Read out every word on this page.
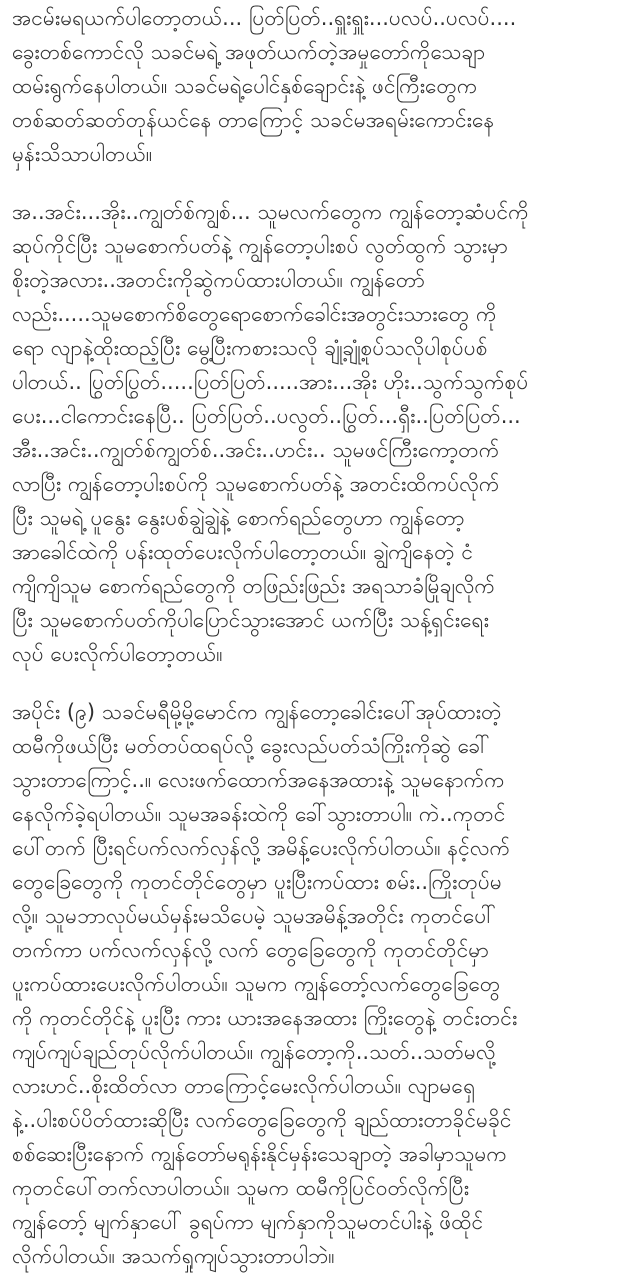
အငမ်းမရယက်ပါတော့တယ်... ပြတ်ပြတ်..ရှူးရှူး...ပလပ်..ပလပ်....
ခွေးတစ်ကောင်လို သခင်မရဲ့ အဖုတ်ယက်တဲ့အမှုတော်ကိုသေချာ
ထမ်းရွက်နေပါတယ်။ သခင်မရဲ့ပေါင်နှစ်ချောင်းနဲ့ ဖင်ကြီးတွေက
တစ်ဆတ်ဆတ်တုန်ယင်နေ တာကြောင့် သခင်မအရမ်းကောင်းနေ
မှန်းသိသာပါတယ်။
အ..အင်း...အိုး..ကျွတ်စ်ကျွစ်... သူမလက်တွေက ကျွန်တော့ဆံပင်ကို
ဆုပ်ကိုင်ပြီး သူမစောက်ပတ်နဲ့ ကျွန်တော့ပါးစပ် လွတ်ထွက် သွားမှာ
စိုးတဲ့အလား..အတင်းကိုဆွဲကပ်ထားပါတယ်။ ကျွန်တော်
လည်း.....သူမစောက်စိတွေရောစောက်ခေါင်းအတွင်းသားတွေ ကို
ရော လျာနဲ့ထိုးထည့်ပြီး မွေ့ပြီးကစားသလို ချုံ့ချုံ့စုပ်သလိုပါစုပ်ပစ်
ပါတယ်.. ပြွတ်ပြွတ်.....ပြတ်ပြတ်.....အား...အိုး ဟိုး..သွက်သွက်စုပ်
ပေး...ငါကောင်းနေပြီ.. ပြတ်ပြတ်..ပလွတ်..ပြွတ်...ရှီး..ပြတ်ပြတ်...
အီး..အင်း..ကျွတ်စ်ကျွတ်စ်..အင်း..ဟင်း.. သူမဖင်ကြီးကော့တက်
လာပြီး ကျွန်တော့ပါးစပ်ကို သူမစောက်ပတ်နဲ့ အတင်းထိကပ်လိုက်
ပြီး သူမရဲ့ ပူနွေး နွေးပစ်ချွဲချွဲနဲ့ စောက်ရည်တွေဟာ ကျွန်တော့
အာခေါင်ထဲကို ပန်းထုတ်ပေးလိုက်ပါတော့တယ်။ ချွဲကျိနေတဲ့ ငံ
ကျိကျိသူမ စောက်ရည်တွေကို တဖြည်းဖြည်း အရသာခံမြိုချလိုက်
ပြီး သူမစောက်ပတ်ကိုပါပြောင်သွားအောင် ယက်ပြီး သန့်ရှင်းရေး
လုပ် ပေးလိုက်ပါတော့တယ်။
အပိုင်း (၉) သခင်မရီမို့မို့မောင်က ကျွန်တော့ခေါင်းပေါ်အုပ်ထားတဲ့
ထမီကိုဖယ်ပြီး မတ်တပ်ထရပ်လို့ ခွေးလည်ပတ်သံကြိုးကိုဆွဲ ခေါ်
သွားတာကြောင့်..။ လေးဖက်ထောက်အနေအထားနဲ့ သူမနောက်က
နေလိုက်ခဲ့ရပါတယ်။ သူမအခန်းထဲကို ခေါ်သွားတာပါ။ ကဲ..ကုတင်
ပေါ်တက် ပြီးရင်ပက်လက်လှန်လို့ အမိန့်ပေးလိုက်ပါတယ်။ နင့်လက်
တွေခြေတွေကို ကုတင်တိုင်တွေမှာ ပူးပြီးကပ်ထား စမ်း..ကြိုးတုပ်မ
လို့။ သူမဘာလုပ်မယ်မှန်းမသိပေမဲ့ သူမအမိန့်အတိုင်း ကုတင်ပေါ်
တက်ကာ ပက်လက်လှန်လို့ လက် တွေခြေတွေကို ကုတင်တိုင်မှာ
ပူးကပ်ထားပေးလိုက်ပါတယ်။ သူမက ကျွန်တော့်လက်တွေခြေတွေ
ကို ကုတင်တိုင်နဲ့ ပူးပြီး ကား ယားအနေအထား ကြိုးတွေနဲ့ တင်းတင်း
ကျပ်ကျပ်ချည်တုပ်လိုက်ပါတယ်။ ကျွန်တော့ကို..သတ်..သတ်မလို့
လားဟင်..စိုးထိတ်လာ တာကြောင့်မေးလိုက်ပါတယ်။ လျာမရှေ
နဲ့..ပါးစပ်ပိတ်ထားဆိုပြီး လက်တွေခြေတွေကို ချည်ထားတာခိုင်မခိုင်
စစ်ဆေးပြီးနောက် ကျွန်တော်မရုန်းနိုင်မှန်းသေချာတဲ့ အခါမှာသူမက
ကုတင်ပေါ်တက်လာပါတယ်။ သူမက ထမီကိုပြင်ဝတ်လိုက်ပြီး
ကျွန်တော့် မျက်နှာပေါ် ခွရပ်ကာ မျက်နှာကိုသူမတင်ပါးနဲ့ ဖိထိုင်
လိုက်ပါတယ်။ အသက်ရှုကျပ်သွားတာပါဘဲ။
